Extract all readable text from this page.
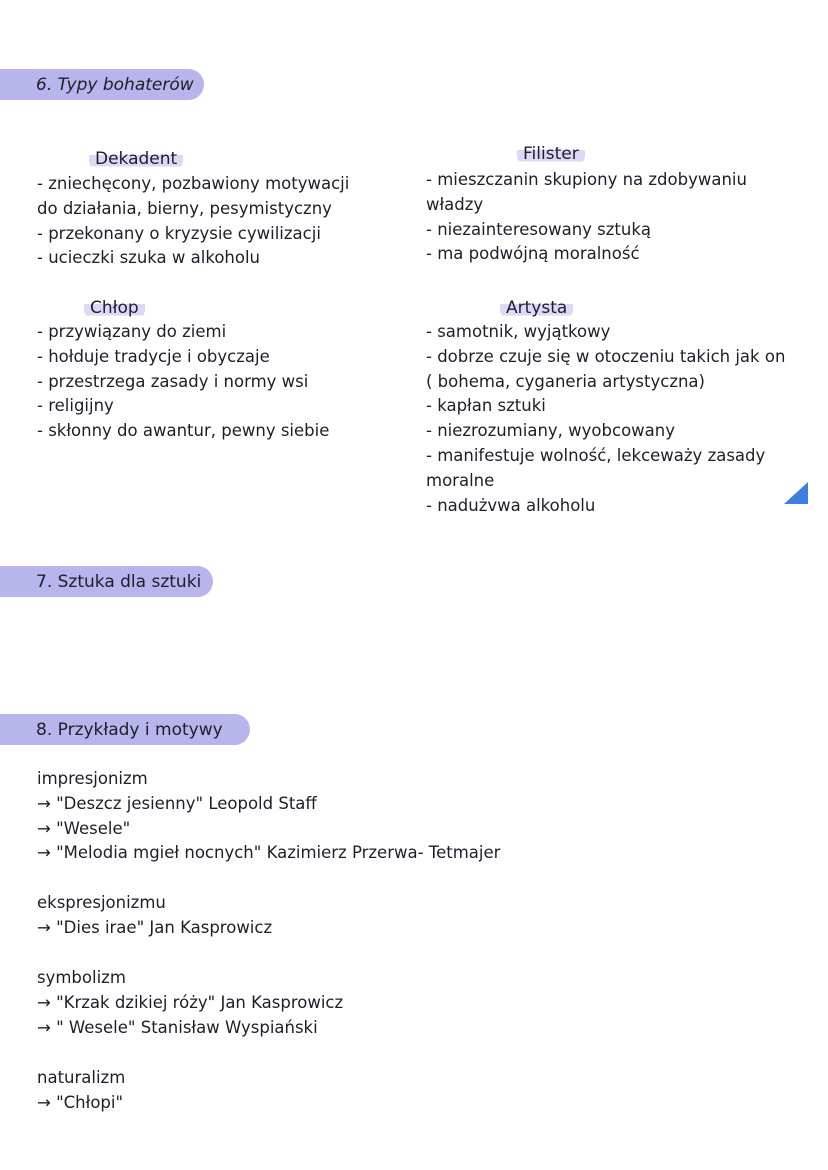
6. Typy bohaterów
Dekadent
- zniechęcony, pozbawiony motywacji
do działania, bierny, pesymistyczny
- przekonany o kryzysie cywilizacji
- ucieczki szuka w alkoholu
Filister
- mieszczanin skupiony na zdobywaniu
władzy
- niezainteresowany sztuką
- ma podwójną moralność
Chłop
- przywiązany do ziemi
- hołduje tradycje i obyczaje
- przestrzega zasady i normy wsi
- religijny
- skłonny do awantur, pewny siebie
Artysta
- samotnik, wyjątkowy
- dobrze czuje się w otoczeniu takich jak on
( bohema, cyganeria artystyczna)
- kapłan sztuki
- niezrozumiany, wyobcowany
- manifestuje wolność, lekceważy zasady
moralne
- nadużvwa alkoholu
7. Sztuka dla sztuki
8. Przykłady i motywy
impresjonizm
→ "Deszcz jesienny" Leopold Staff
→ "Wesele"
→ "Melodia mgieł nocnych" Kazimierz Przerwa- Tetmajer
ekspresjonizmu
→ "Dies irae" Jan Kasprowicz
symbolizm
→ "Krzak dzikiej róży" Jan Kasprowicz
→ " Wesele" Stanisław Wyspiański
naturalizm
→ "Chłopi"
